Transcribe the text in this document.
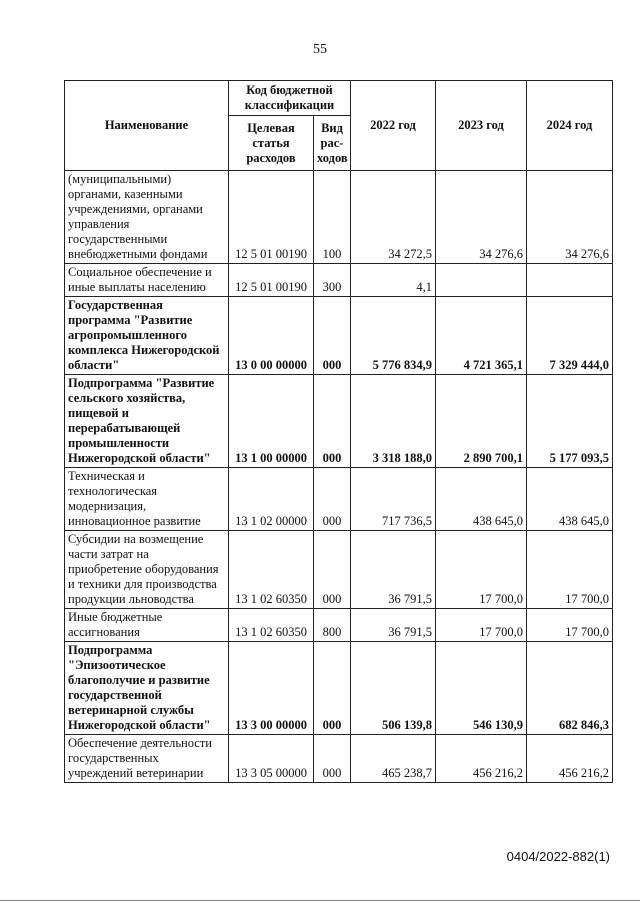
55
Наименование	Код бюджетной классификации		2022 год	2023 год	2024 год
	Целевая статья расходов	Вид рас-ходов			
(муниципальными) органами, казенными учреждениями, органами управления государственными внебюджетными фондами	12 5 01 00190	100	34 272,5	34 276,6	34 276,6
Социальное обеспечение и иные выплаты населению	12 5 01 00190	300	4,1		
Государственная программа "Развитие агропромышленного комплекса Нижегородской области"	13 0 00 00000	000	5 776 834,9	4 721 365,1	7 329 444,0
Подпрограмма "Развитие сельского хозяйства, пищевой и перерабатывающей промышленности Нижегородской области"	13 1 00 00000	000	3 318 188,0	2 890 700,1	5 177 093,5
Техническая и технологическая модернизация, инновационное развитие	13 1 02 00000	000	717 736,5	438 645,0	438 645,0
Субсидии на возмещение части затрат на приобретение оборудования и техники для производства продукции льноводства	13 1 02 60350	000	36 791,5	17 700,0	17 700,0
Иные бюджетные ассигнования	13 1 02 60350	800	36 791,5	17 700,0	17 700,0
Подпрограмма "Эпизоотическое благополучие и развитие государственной ветеринарной службы Нижегородской области"	13 3 00 00000	000	506 139,8	546 130,9	682 846,3
Обеспечение деятельности государственных учреждений ветеринарии	13 3 05 00000	000	465 238,7	456 216,2	456 216,2
0404/2022-882(1)
